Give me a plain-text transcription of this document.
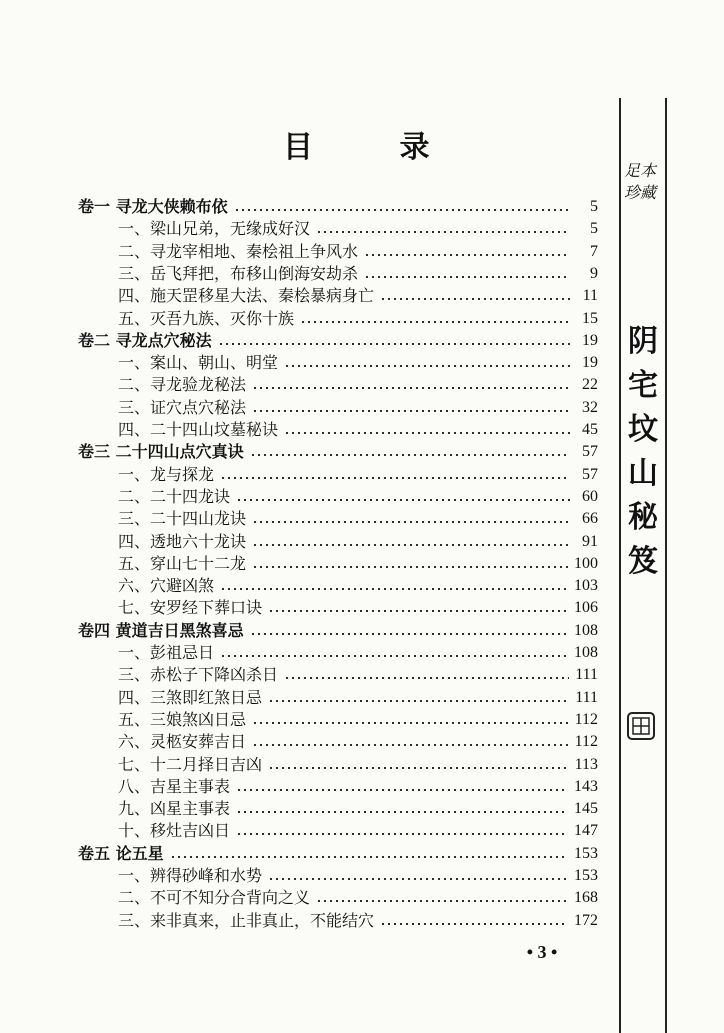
目 录
卷一 寻龙大侠赖布依	5
一、梁山兄弟，无缘成好汉	5
二、寻龙宰相地、秦桧祖上争风水	7
三、岳飞拜把，布移山倒海安劫杀	9
四、施天罡移星大法、秦桧暴病身亡	11
五、灭吾九族、灭你十族	15
卷二 寻龙点穴秘法	19
一、案山、朝山、明堂	19
二、寻龙验龙秘法	22
三、证穴点穴秘法	32
四、二十四山坟墓秘诀	45
卷三 二十四山点穴真诀	57
一、龙与探龙	57
二、二十四龙诀	60
三、二十四山龙诀	66
四、透地六十龙诀	91
五、穿山七十二龙	100
六、穴避凶煞	103
七、安罗经下葬口诀	106
卷四 黄道吉日黑煞喜忌	108
一、彭祖忌日	108
三、赤松子下降凶杀日	111
四、三煞即红煞日忌	111
五、三娘煞凶日忌	112
六、灵柩安葬吉日	112
七、十二月择日吉凶	113
八、吉星主事表	143
九、凶星主事表	145
十、移灶吉凶日	147
卷五 论五星	153
一、辨得砂峰和水势	153
二、不可不知分合背向之义	168
三、来非真来，止非真止，不能结穴	172
足本 珍藏
阴
宅
坟
山
秘
笈
• 3 •
